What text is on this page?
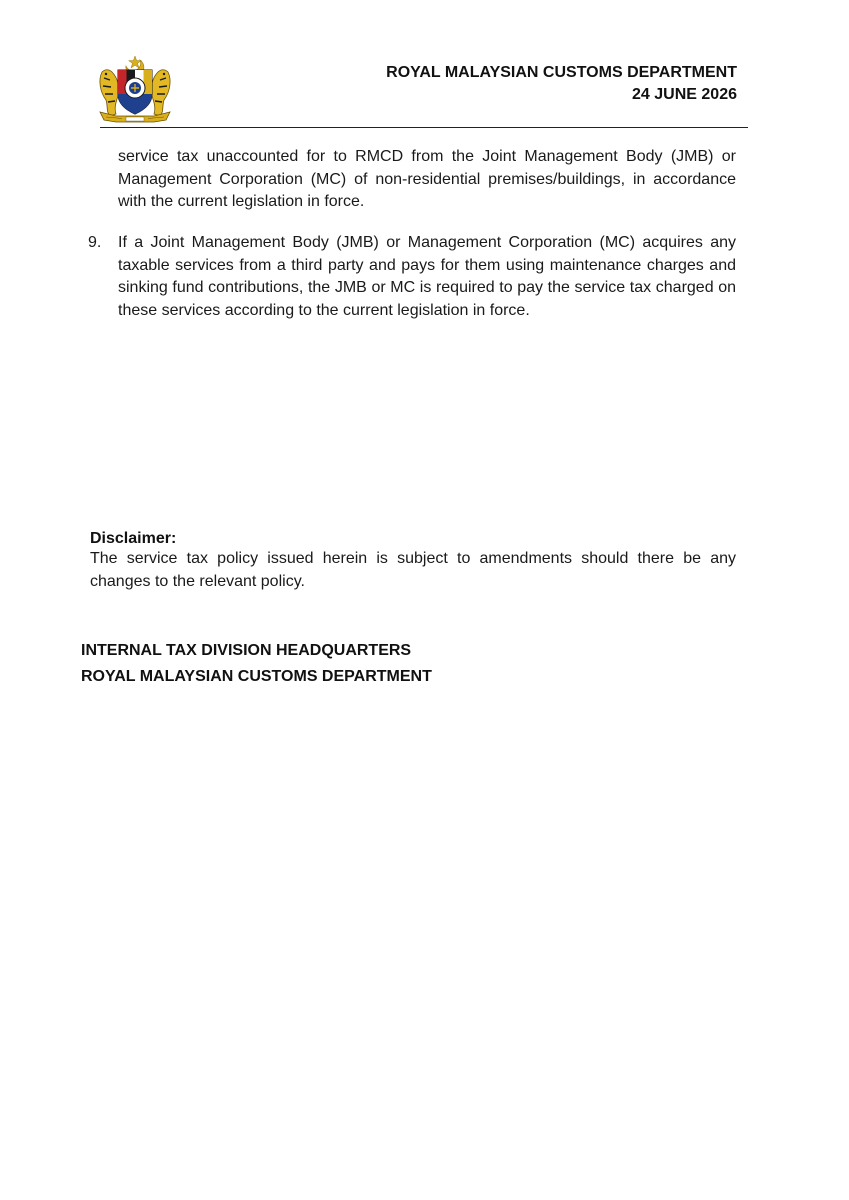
ROYAL MALAYSIAN CUSTOMS DEPARTMENT
24 JUNE 2026
service tax unaccounted for to RMCD from the Joint Management Body (JMB) or Management Corporation (MC) of non-residential premises/buildings, in accordance with the current legislation in force.
9. If a Joint Management Body (JMB) or Management Corporation (MC) acquires any taxable services from a third party and pays for them using maintenance charges and sinking fund contributions, the JMB or MC is required to pay the service tax charged on these services according to the current legislation in force.
Disclaimer:
The service tax policy issued herein is subject to amendments should there be any changes to the relevant policy.
INTERNAL TAX DIVISION HEADQUARTERS
ROYAL MALAYSIAN CUSTOMS DEPARTMENT
